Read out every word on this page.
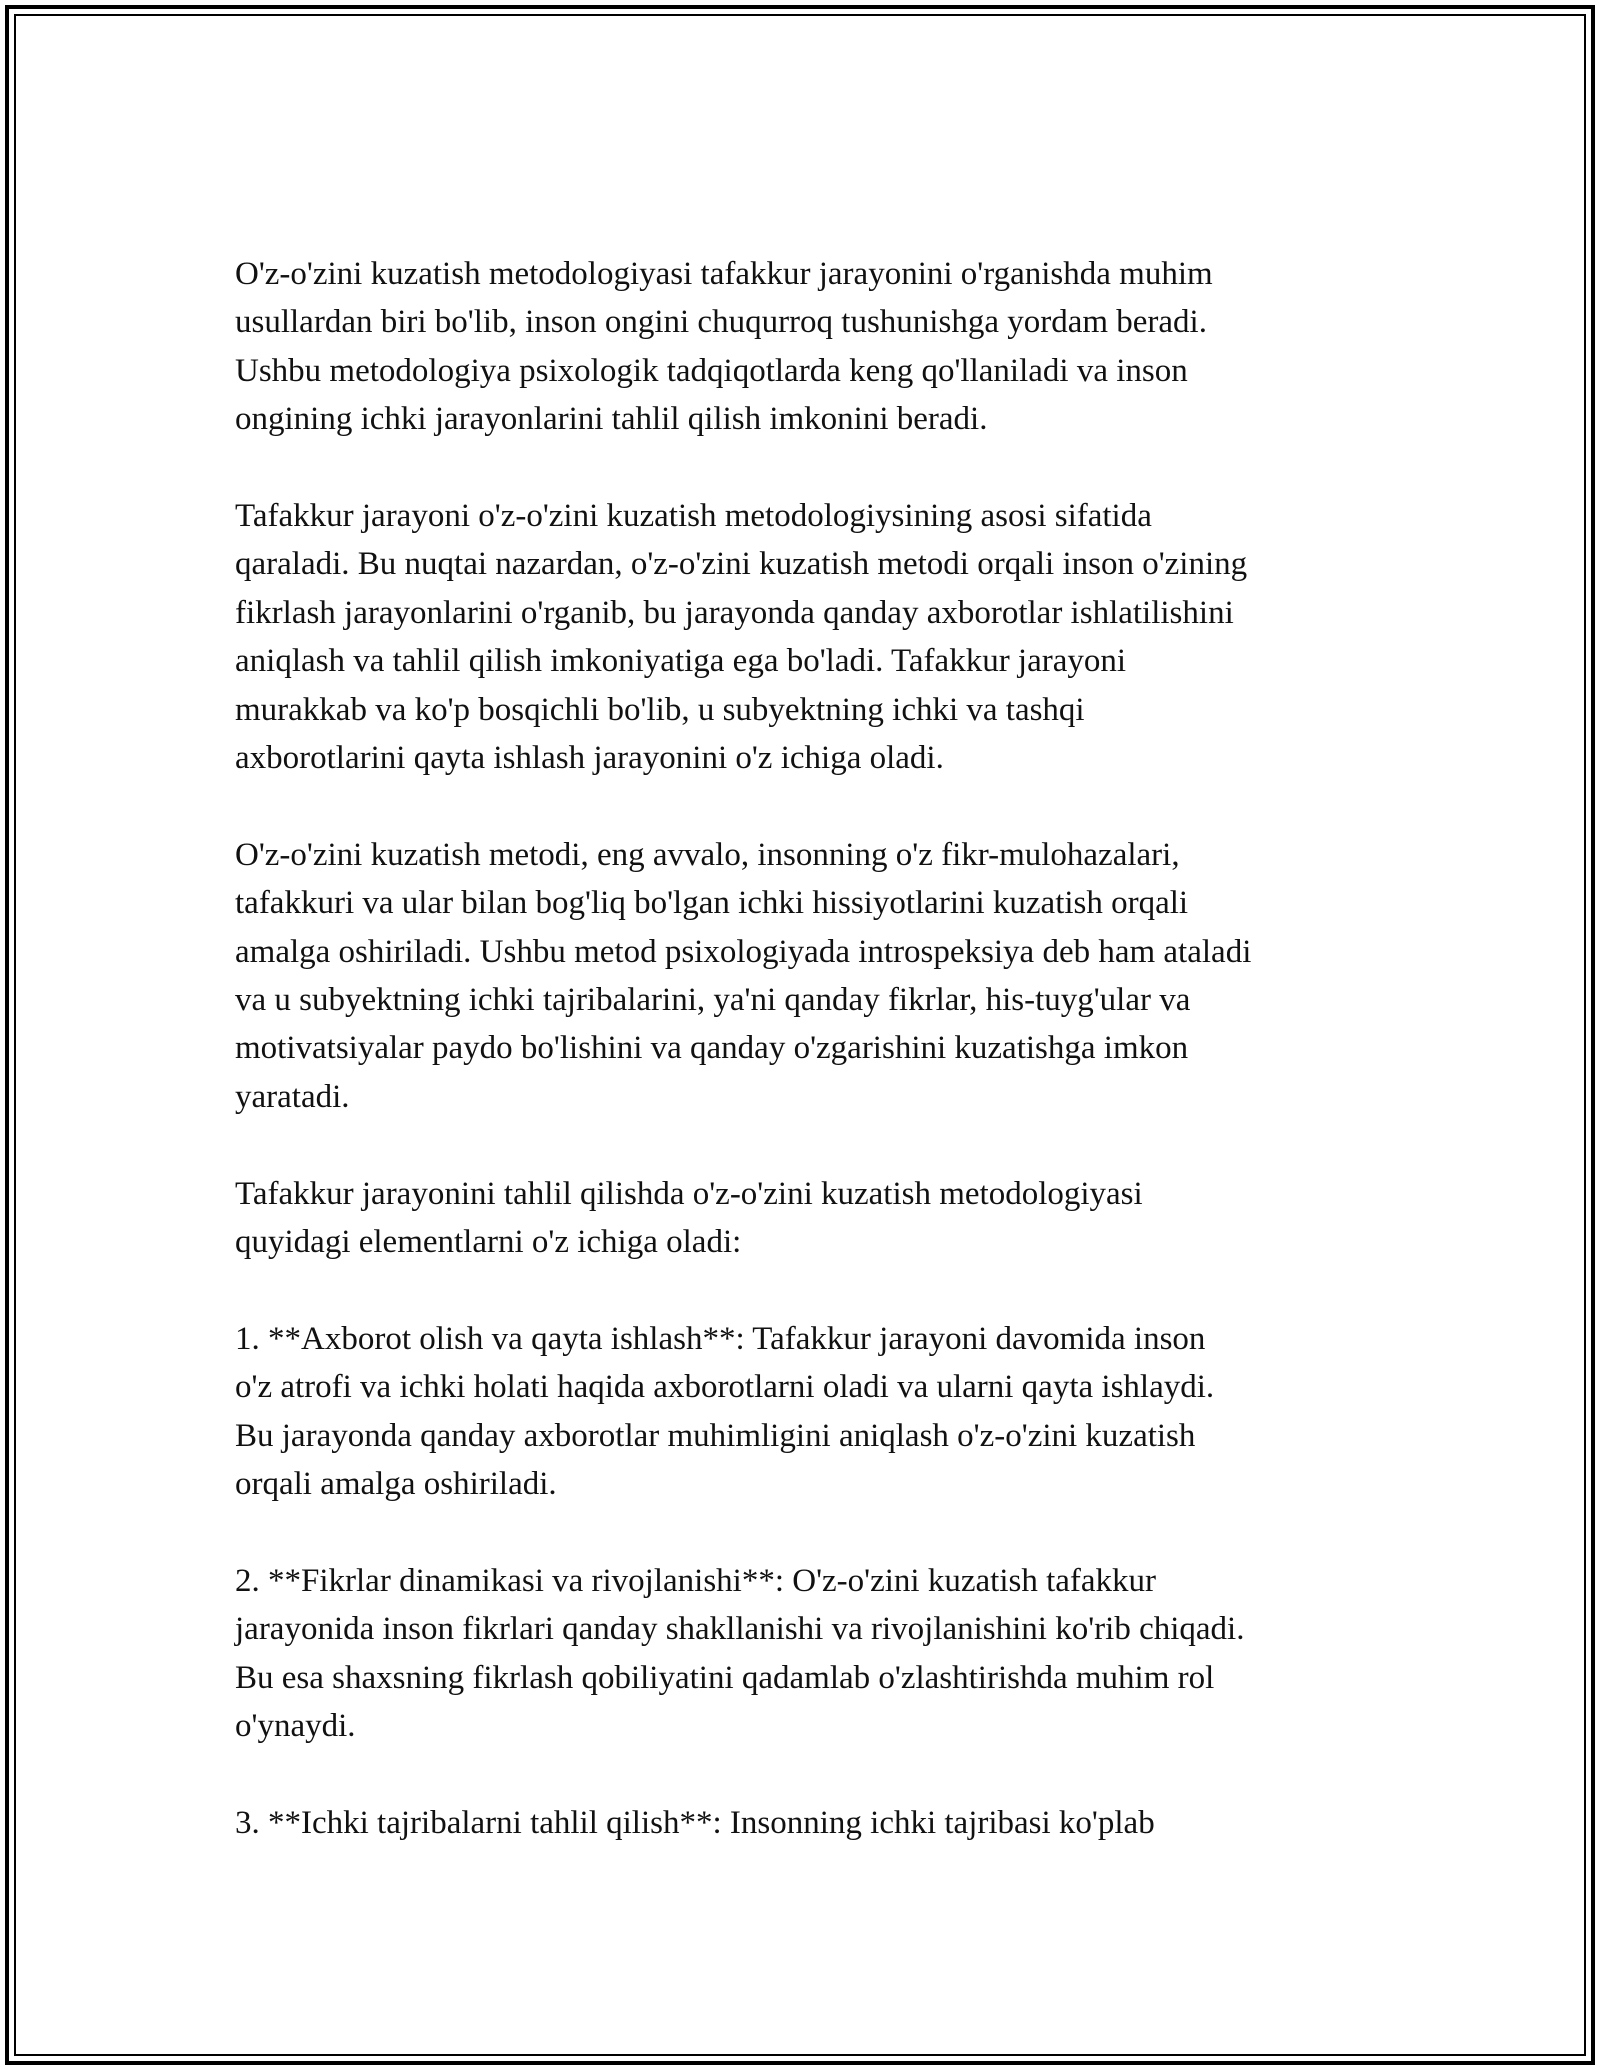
O'z-o'zini kuzatish metodologiyasi tafakkur jarayonini o'rganishda muhim
usullardan biri bo'lib, inson ongini chuqurroq tushunishga yordam beradi.
Ushbu metodologiya psixologik tadqiqotlarda keng qo'llaniladi va inson
ongining ichki jarayonlarini tahlil qilish imkonini beradi.

Tafakkur jarayoni o'z-o'zini kuzatish metodologiysining asosi sifatida
qaraladi. Bu nuqtai nazardan, o'z-o'zini kuzatish metodi orqali inson o'zining
fikrlash jarayonlarini o'rganib, bu jarayonda qanday axborotlar ishlatilishini
aniqlash va tahlil qilish imkoniyatiga ega bo'ladi. Tafakkur jarayoni
murakkab va ko'p bosqichli bo'lib, u subyektning ichki va tashqi
axborotlarini qayta ishlash jarayonini o'z ichiga oladi.

O'z-o'zini kuzatish metodi, eng avvalo, insonning o'z fikr-mulohazalari,
tafakkuri va ular bilan bog'liq bo'lgan ichki hissiyotlarini kuzatish orqali
amalga oshiriladi. Ushbu metod psixologiyada introspeksiya deb ham ataladi
va u subyektning ichki tajribalarini, ya'ni qanday fikrlar, his-tuyg'ular va
motivatsiyalar paydo bo'lishini va qanday o'zgarishini kuzatishga imkon
yaratadi.

Tafakkur jarayonini tahlil qilishda o'z-o'zini kuzatish metodologiyasi
quyidagi elementlarni o'z ichiga oladi:

1. **Axborot olish va qayta ishlash**: Tafakkur jarayoni davomida inson
o'z atrofi va ichki holati haqida axborotlarni oladi va ularni qayta ishlaydi.
Bu jarayonda qanday axborotlar muhimligini aniqlash o'z-o'zini kuzatish
orqali amalga oshiriladi.

2. **Fikrlar dinamikasi va rivojlanishi**: O'z-o'zini kuzatish tafakkur
jarayonida inson fikrlari qanday shakllanishi va rivojlanishini ko'rib chiqadi.
Bu esa shaxsning fikrlash qobiliyatini qadamlab o'zlashtirishda muhim rol
o'ynaydi.

3. **Ichki tajribalarni tahlil qilish**: Insonning ichki tajribasi ko'plab
